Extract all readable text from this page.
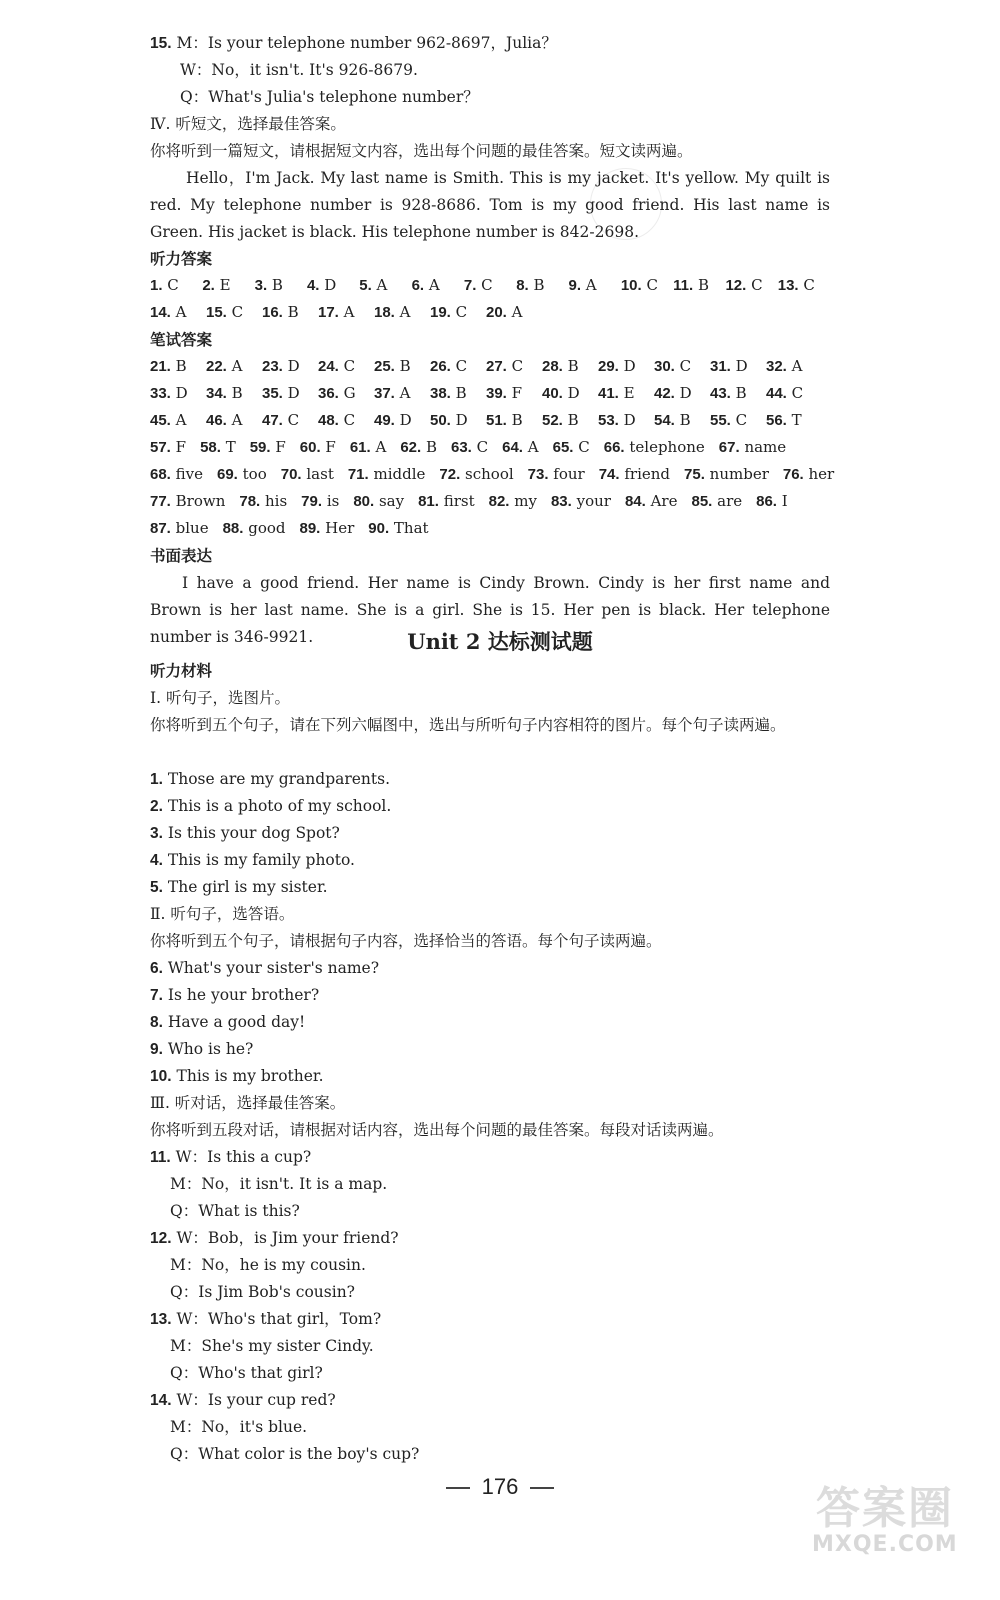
15. M：Is your telephone number 962-8697，Julia？
W：No，it isn't. It's 926-8679.
Q：What's Julia's telephone number？
Ⅳ. 听短文，选择最佳答案。
你将听到一篇短文，请根据短文内容，选出每个问题的最佳答案。短文读两遍。
Hello，I'm Jack. My last name is Smith. This is my jacket. It's yellow. My quilt is red. My telephone number is 928-8686. Tom is my good friend. His last name is Green. His jacket is black. His telephone number is 842-2698.
听力答案
1. C	2. E	3. B	4. D	5. A	6. A	7. C	8. B	9. A	10. C	11. B	12. C	13. C
14. A	15. C	16. B	17. A	18. A	19. C	20. A
笔试答案
21. B	22. A	23. D	24. C	25. B	26. C	27. C	28. B	29. D	30. C	31. D	32. A
33. D	34. B	35. D	36. G	37. A	38. B	39. F	40. D	41. E	42. D	43. B	44. C
45. A	46. A	47. C	48. C	49. D	50. D	51. B	52. B	53. D	54. B	55. C	56. T
57. F 58. T 59. F 60. F 61. A 62. B 63. C 64. A 65. C 66. telephone 67. name
68. five 69. too 70. last 71. middle 72. school 73. four 74. friend 75. number 76. her
77. Brown 78. his 79. is 80. say 81. first 82. my 83. your 84. Are 85. are 86. I
87. blue 88. good 89. Her 90. That
书面表达
I have a good friend. Her name is Cindy Brown. Cindy is her first name and Brown is her last name. She is a girl. She is 15. Her pen is black. Her telephone number is 346-9921.	Unit 2 达标测试题
听力材料
Ⅰ. 听句子，选图片。
你将听到五个句子，请在下列六幅图中，选出与所听句子内容相符的图片。每个句子读两遍。
1. Those are my grandparents.
2. This is a photo of my school.
3. Is this your dog Spot?
4. This is my family photo.
5. The girl is my sister.
Ⅱ. 听句子，选答语。
你将听到五个句子，请根据句子内容，选择恰当的答语。每个句子读两遍。
6. What's your sister's name?
7. Is he your brother?
8. Have a good day!
9. Who is he?
10. This is my brother.
Ⅲ. 听对话，选择最佳答案。
你将听到五段对话，请根据对话内容，选出每个问题的最佳答案。每段对话读两遍。
11. W：Is this a cup?
M：No，it isn't. It is a map.
Q：What is this?
12. W：Bob，is Jim your friend?
M：No，he is my cousin.
Q：Is Jim Bob's cousin?
13. W：Who's that girl，Tom?
M：She's my sister Cindy.
Q：Who's that girl?
14. W：Is your cup red?
M：No，it's blue.
Q：What color is the boy's cup?
176	答案圈
MXQE.COM
